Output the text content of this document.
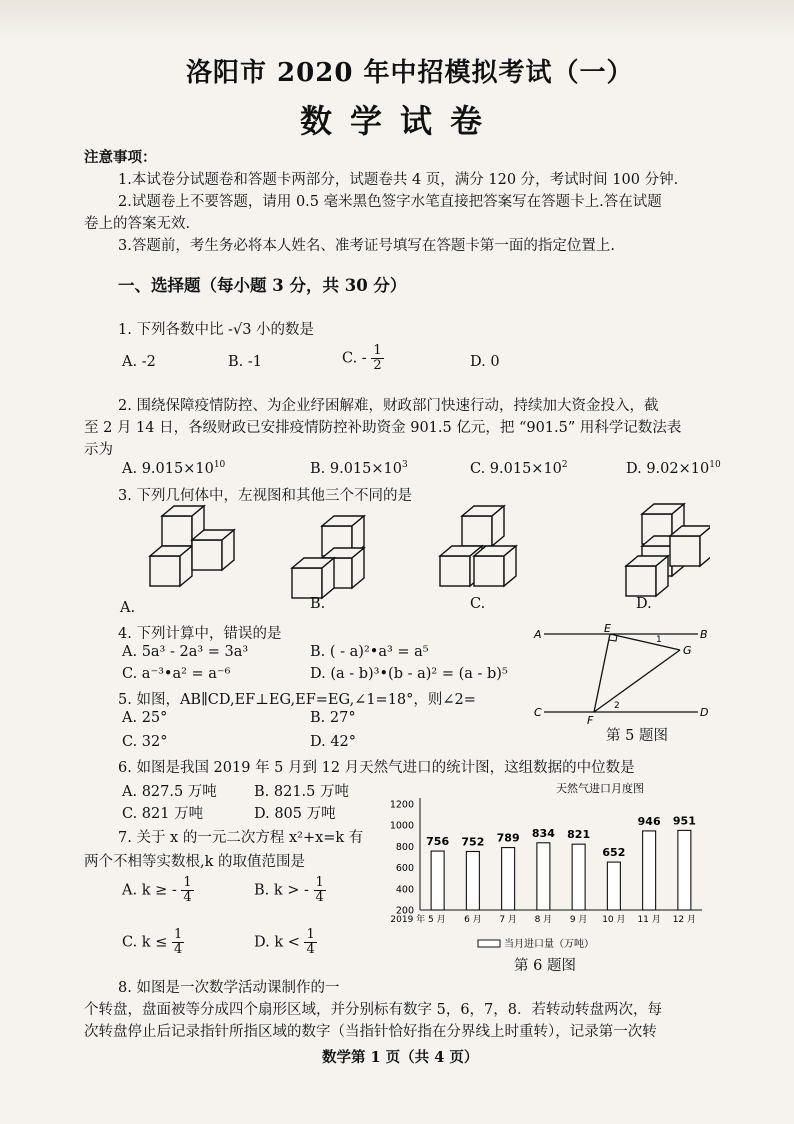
洛阳市 2020 年中招模拟考试（一）
数学试卷
注意事项：
1.本试卷分试题卷和答题卡两部分，试题卷共 4 页，满分 120 分，考试时间 100 分钟.
2.试题卷上不要答题，请用 0.5 毫米黑色签字水笔直接把答案写在答题卡上.答在试题
卷上的答案无效.
3.答题前，考生务必将本人姓名、准考证号填写在答题卡第一面的指定位置上.
一、选择题（每小题 3 分，共 30 分）
1. 下列各数中比 -√3 小的数是
A. -2	B. -1	C. - $\frac{1}{2}$	D. 0
2. 围绕保障疫情防控、为企业纾困解难，财政部门快速行动，持续加大资金投入，截
至 2 月 14 日，各级财政已安排疫情防控补助资金 901.5 亿元，把 “901.5” 用科学记数法表
示为
A. $9.015\times 10^{10}$	B. $9.015\times 10^3$	C. $9.015\times 10^2$	D. $9.02\times 10^{10}$
3. 下列几何体中，左视图和其他三个不同的是
A.	B.	C.	D.
4. 下列计算中，错误的是
A. 5a³ - 2a³ = 3a³	B. ( - a)²•a³ = a⁵
C. a⁻³•a² = a⁻⁶	D. (a - b)³•(b - a)² = (a - b)⁵
5. 如图，AB∥CD,EF⊥EG,EF=EG,∠1=18°，则∠2=
A. 25°	B. 27°
C. 32°	D. 42°
A	B
C	D
E
F
G
1
2
第 5 题图
6. 如图是我国 2019 年 5 月到 12 月天然气进口的统计图，这组数据的中位数是
A. 827.5 万吨	B. 821.5 万吨
C. 821 万吨	D. 805 万吨
天然气进口月度图
200
400
600
800
1000
1200
756
2019 年 5 月
752
6 月
789
7 月
834
8 月
821
9 月
652
10 月
946
11 月
951
12 月
当月进口量（万吨）
第 6 题图
7. 关于 x 的一元二次方程 x²+x=k 有
两个不相等实数根,k 的取值范围是
A. k ≥ - $\frac{1}{4}$	B. k > - $\frac{1}{4}$
C. $k \le \frac{1}{4}$	D. $k < \frac{1}{4}$
8. 如图是一次数学活动课制作的一
个转盘，盘面被等分成四个扇形区域，并分别标有数字 5，6，7，8．若转动转盘两次，每
次转盘停止后记录指针所指区域的数字（当指针恰好指在分界线上时重转），记录第一次转
数学第 1 页（共 4 页）
